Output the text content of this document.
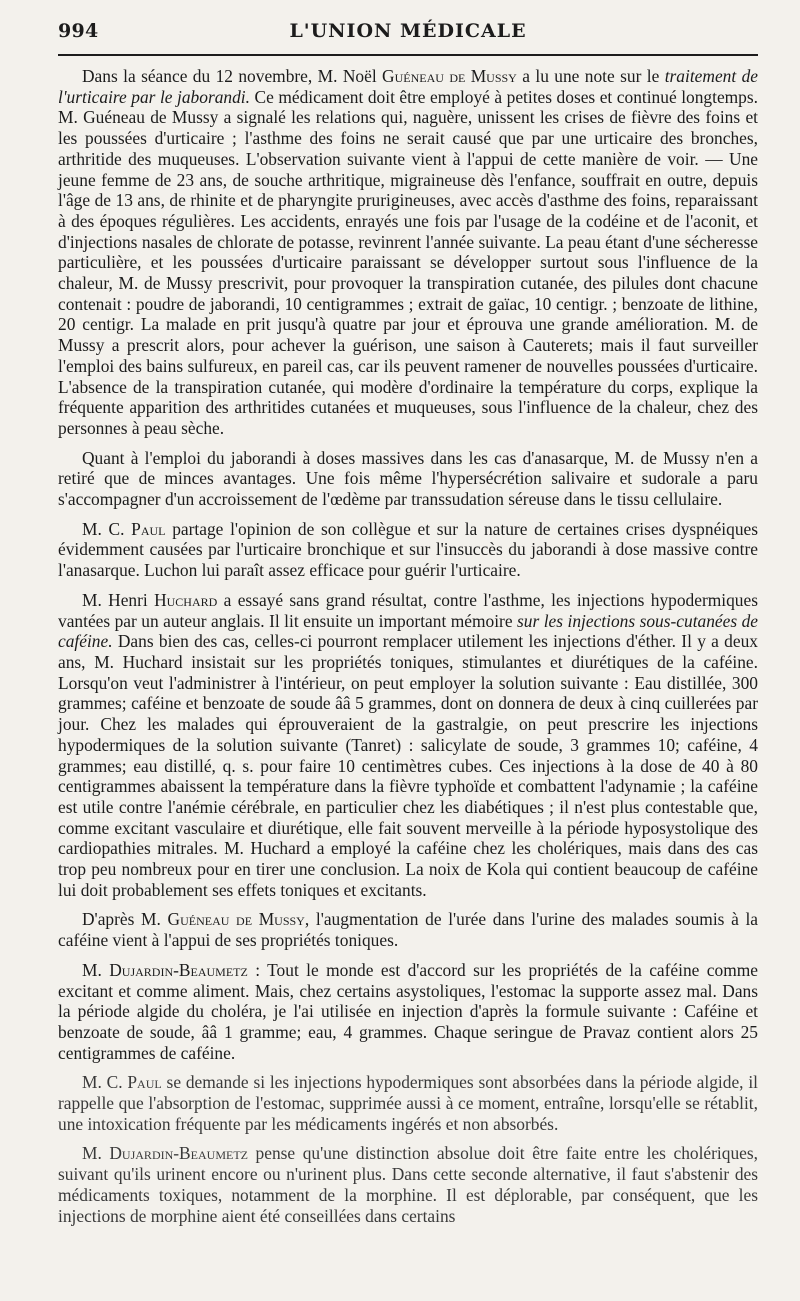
994	L'UNION MÉDICALE

Dans la séance du 12 novembre, M. Noël Guéneau de Mussy a lu une note sur le traitement de l'urticaire par le jaborandi. Ce médicament doit être employé à petites doses et continué longtemps. M. Guéneau de Mussy a signalé les relations qui, naguère, unissent les crises de fièvre des foins et les poussées d'urticaire ; l'asthme des foins ne serait causé que par une urticaire des bronches, arthritide des muqueuses. L'observation suivante vient à l'appui de cette manière de voir. — Une jeune femme de 23 ans, de souche arthritique, migraineuse dès l'enfance, souffrait en outre, depuis l'âge de 13 ans, de rhinite et de pharyngite prurigineuses, avec accès d'asthme des foins, reparaissant à des époques régulières. Les accidents, enrayés une fois par l'usage de la codéine et de l'aconit, et d'injections nasales de chlorate de potasse, revinrent l'année suivante. La peau étant d'une sécheresse particulière, et les poussées d'urticaire paraissant se développer surtout sous l'influence de la chaleur, M. de Mussy prescrivit, pour provoquer la transpiration cutanée, des pilules dont chacune contenait : poudre de jaborandi, 10 centigrammes ; extrait de gaïac, 10 centigr. ; benzoate de lithine, 20 centigr. La malade en prit jusqu'à quatre par jour et éprouva une grande amélioration. M. de Mussy a prescrit alors, pour achever la guérison, une saison à Cauterets; mais il faut surveiller l'emploi des bains sulfureux, en pareil cas, car ils peuvent ramener de nouvelles poussées d'urticaire. L'absence de la transpiration cutanée, qui modère d'ordinaire la température du corps, explique la fréquente apparition des arthritides cutanées et muqueuses, sous l'influence de la chaleur, chez des personnes à peau sèche.

Quant à l'emploi du jaborandi à doses massives dans les cas d'anasarque, M. de Mussy n'en a retiré que de minces avantages. Une fois même l'hypersécrétion salivaire et sudorale a paru s'accompagner d'un accroissement de l'œdème par transsudation séreuse dans le tissu cellulaire.

M. C. Paul partage l'opinion de son collègue et sur la nature de certaines crises dyspnéiques évidemment causées par l'urticaire bronchique et sur l'insuccès du jaborandi à dose massive contre l'anasarque. Luchon lui paraît assez efficace pour guérir l'urticaire.

M. Henri Huchard a essayé sans grand résultat, contre l'asthme, les injections hypodermiques vantées par un auteur anglais. Il lit ensuite un important mémoire sur les injections sous-cutanées de caféine. Dans bien des cas, celles-ci pourront remplacer utilement les injections d'éther. Il y a deux ans, M. Huchard insistait sur les propriétés toniques, stimulantes et diurétiques de la caféine. Lorsqu'on veut l'administrer à l'intérieur, on peut employer la solution suivante : Eau distillée, 300 grammes; caféine et benzoate de soude ââ 5 grammes, dont on donnera de deux à cinq cuillerées par jour. Chez les malades qui éprouveraient de la gastralgie, on peut prescrire les injections hypodermiques de la solution suivante (Tanret) : salicylate de soude, 3 grammes 10; caféine, 4 grammes; eau distillé, q. s. pour faire 10 centimètres cubes. Ces injections à la dose de 40 à 80 centigrammes abaissent la température dans la fièvre typhoïde et combattent l'adynamie ; la caféine est utile contre l'anémie cérébrale, en particulier chez les diabétiques ; il n'est plus contestable que, comme excitant vasculaire et diurétique, elle fait souvent merveille à la période hyposystolique des cardiopathies mitrales. M. Huchard a employé la caféine chez les cholériques, mais dans des cas trop peu nombreux pour en tirer une conclusion. La noix de Kola qui contient beaucoup de caféine lui doit probablement ses effets toniques et excitants.

D'après M. Guéneau de Mussy, l'augmentation de l'urée dans l'urine des malades soumis à la caféine vient à l'appui de ses propriétés toniques.

M. Dujardin-Beaumetz : Tout le monde est d'accord sur les propriétés de la caféine comme excitant et comme aliment. Mais, chez certains asystoliques, l'estomac la supporte assez mal. Dans la période algide du choléra, je l'ai utilisée en injection d'après la formule suivante : Caféine et benzoate de soude, ââ 1 gramme; eau, 4 grammes. Chaque seringue de Pravaz contient alors 25 centigrammes de caféine.

M. C. Paul se demande si les injections hypodermiques sont absorbées dans la période algide, il rappelle que l'absorption de l'estomac, supprimée aussi à ce moment, entraîne, lorsqu'elle se rétablit, une intoxication fréquente par les médicaments ingérés et non absorbés.

M. Dujardin-Beaumetz pense qu'une distinction absolue doit être faite entre les cholériques, suivant qu'ils urinent encore ou n'urinent plus. Dans cette seconde alternative, il faut s'abstenir des médicaments toxiques, notamment de la morphine. Il est déplorable, par conséquent, que les injections de morphine aient été conseillées dans certains
